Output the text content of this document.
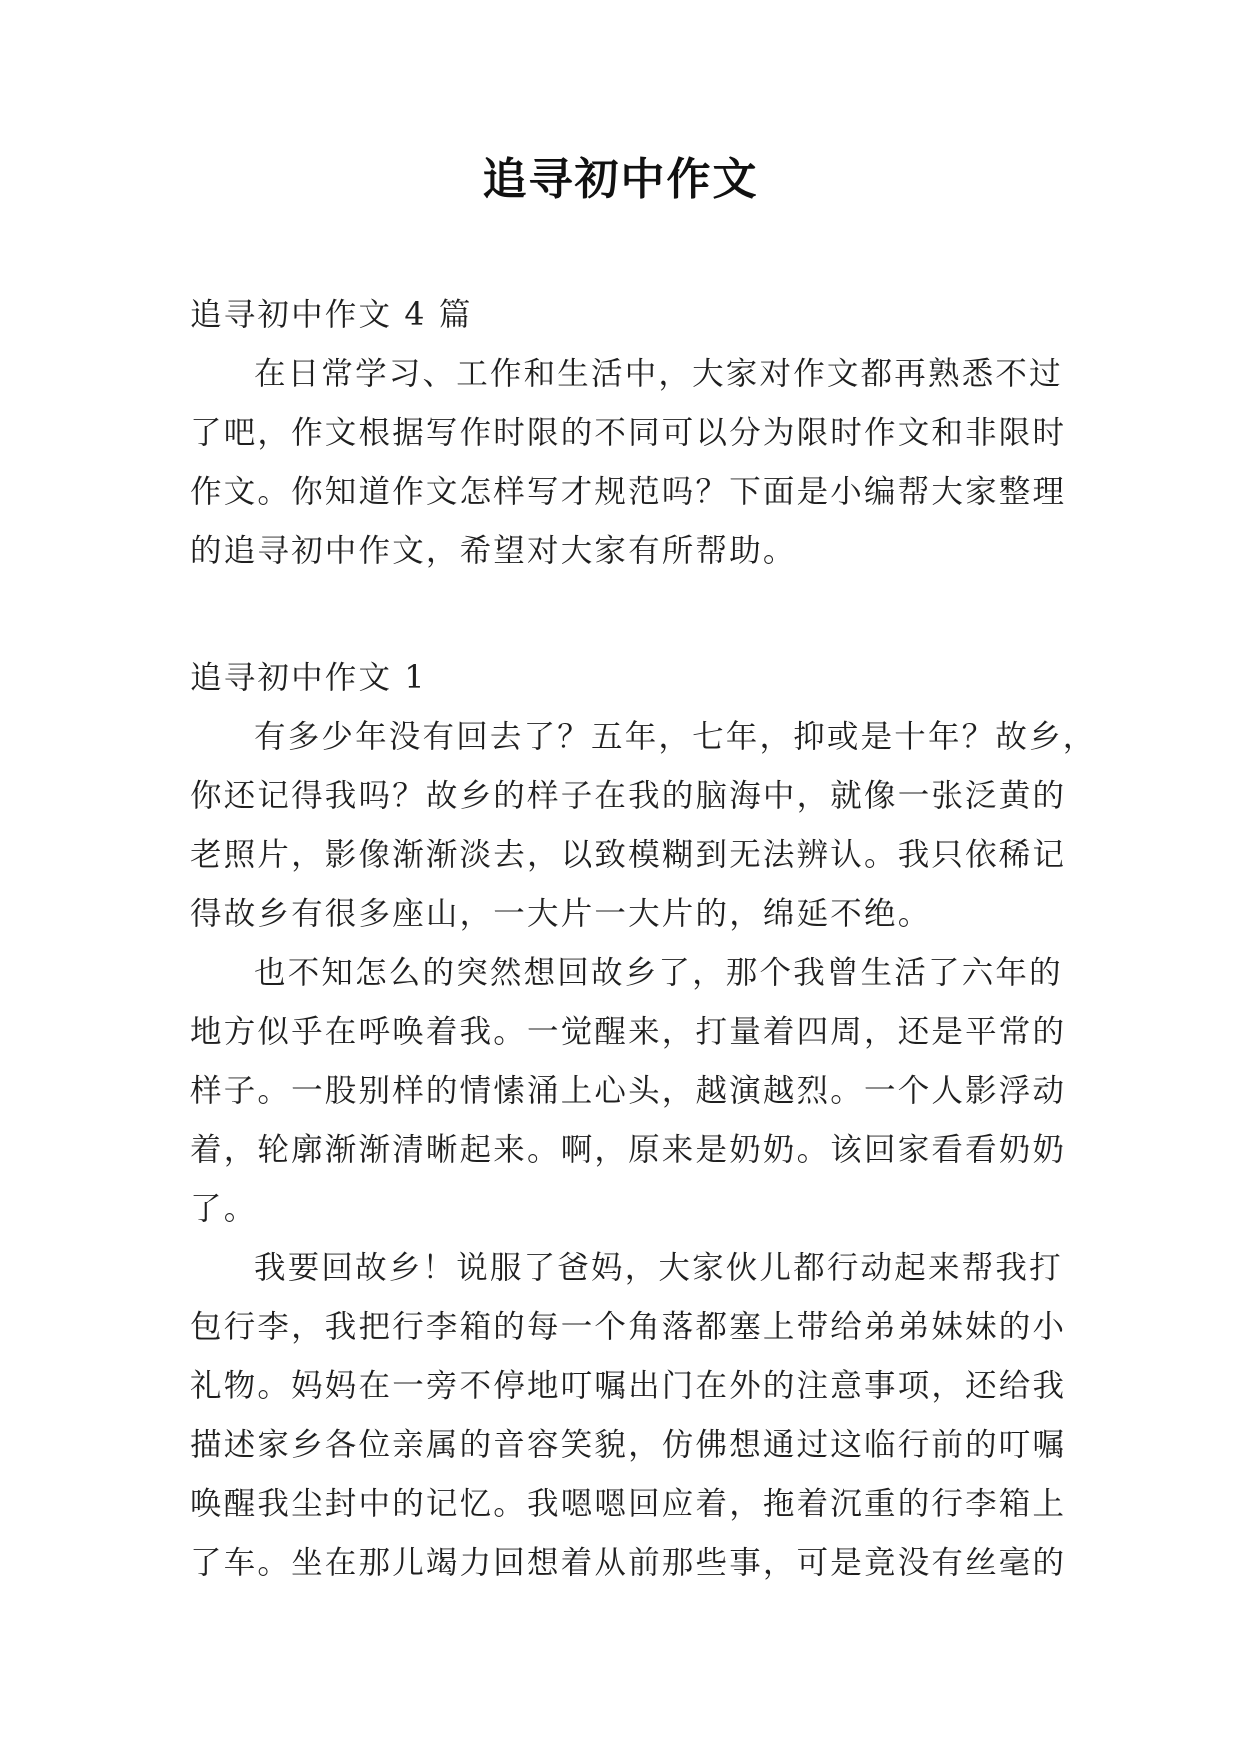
追寻初中作文
追寻初中作文 4 篇
在日常学习、工作和生活中，大家对作文都再熟悉不过
了吧，作文根据写作时限的不同可以分为限时作文和非限时
作文。你知道作文怎样写才规范吗？下面是小编帮大家整理
的追寻初中作文，希望对大家有所帮助。
追寻初中作文 1
有多少年没有回去了？五年，七年，抑或是十年？故乡，
你还记得我吗？故乡的样子在我的脑海中，就像一张泛黄的
老照片，影像渐渐淡去，以致模糊到无法辨认。我只依稀记
得故乡有很多座山，一大片一大片的，绵延不绝。
也不知怎么的突然想回故乡了，那个我曾生活了六年的
地方似乎在呼唤着我。一觉醒来，打量着四周，还是平常的
样子。一股别样的情愫涌上心头，越演越烈。一个人影浮动
着，轮廓渐渐清晰起来。啊，原来是奶奶。该回家看看奶奶
了。
我要回故乡！说服了爸妈，大家伙儿都行动起来帮我打
包行李，我把行李箱的每一个角落都塞上带给弟弟妹妹的小
礼物。妈妈在一旁不停地叮嘱出门在外的注意事项，还给我
描述家乡各位亲属的音容笑貌，仿佛想通过这临行前的叮嘱
唤醒我尘封中的记忆。我嗯嗯回应着，拖着沉重的行李箱上
了车。坐在那儿竭力回想着从前那些事，可是竟没有丝毫的
